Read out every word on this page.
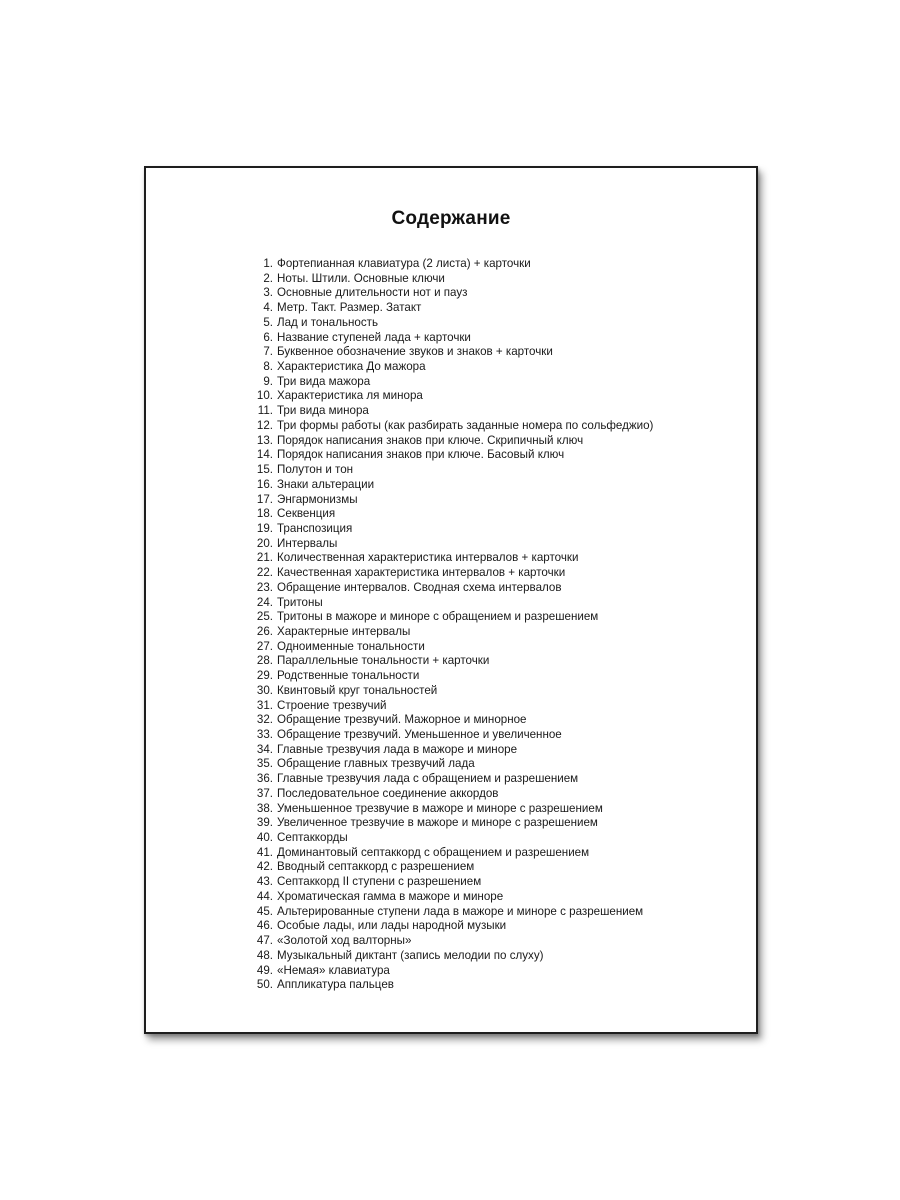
Содержание
1. Фортепианная клавиатура (2 листа) + карточки
2. Ноты. Штили. Основные ключи
3. Основные длительности нот и пауз
4. Метр. Такт. Размер. Затакт
5. Лад и тональность
6. Название ступеней лада + карточки
7. Буквенное обозначение звуков и знаков + карточки
8. Характеристика До мажора
9. Три вида мажора
10. Характеристика ля минора
11. Три вида минора
12. Три формы работы (как разбирать заданные номера по сольфеджио)
13. Порядок написания знаков при ключе. Скрипичный ключ
14. Порядок написания знаков при ключе. Басовый ключ
15. Полутон и тон
16. Знаки альтерации
17. Энгармонизмы
18. Секвенция
19. Транспозиция
20. Интервалы
21. Количественная характеристика интервалов + карточки
22. Качественная характеристика интервалов + карточки
23. Обращение интервалов. Сводная схема интервалов
24. Тритоны
25. Тритоны в мажоре и миноре с обращением и разрешением
26. Характерные интервалы
27. Одноименные тональности
28. Параллельные тональности + карточки
29. Родственные тональности
30. Квинтовый круг тональностей
31. Строение трезвучий
32. Обращение трезвучий. Мажорное и минорное
33. Обращение трезвучий. Уменьшенное и увеличенное
34. Главные трезвучия лада в мажоре и миноре
35. Обращение главных трезвучий лада
36. Главные трезвучия лада с обращением и разрешением
37. Последовательное соединение аккордов
38. Уменьшенное трезвучие в мажоре и миноре с разрешением
39. Увеличенное трезвучие в мажоре и миноре с разрешением
40. Септаккорды
41. Доминантовый септаккорд с обращением и разрешением
42. Вводный септаккорд с разрешением
43. Септаккорд II ступени с разрешением
44. Хроматическая гамма в мажоре и миноре
45. Альтерированные ступени лада в мажоре и миноре с разрешением
46. Особые лады, или лады народной музыки
47. «Золотой ход валторны»
48. Музыкальный диктант (запись мелодии по слуху)
49. «Немая» клавиатура
50. Аппликатура пальцев
